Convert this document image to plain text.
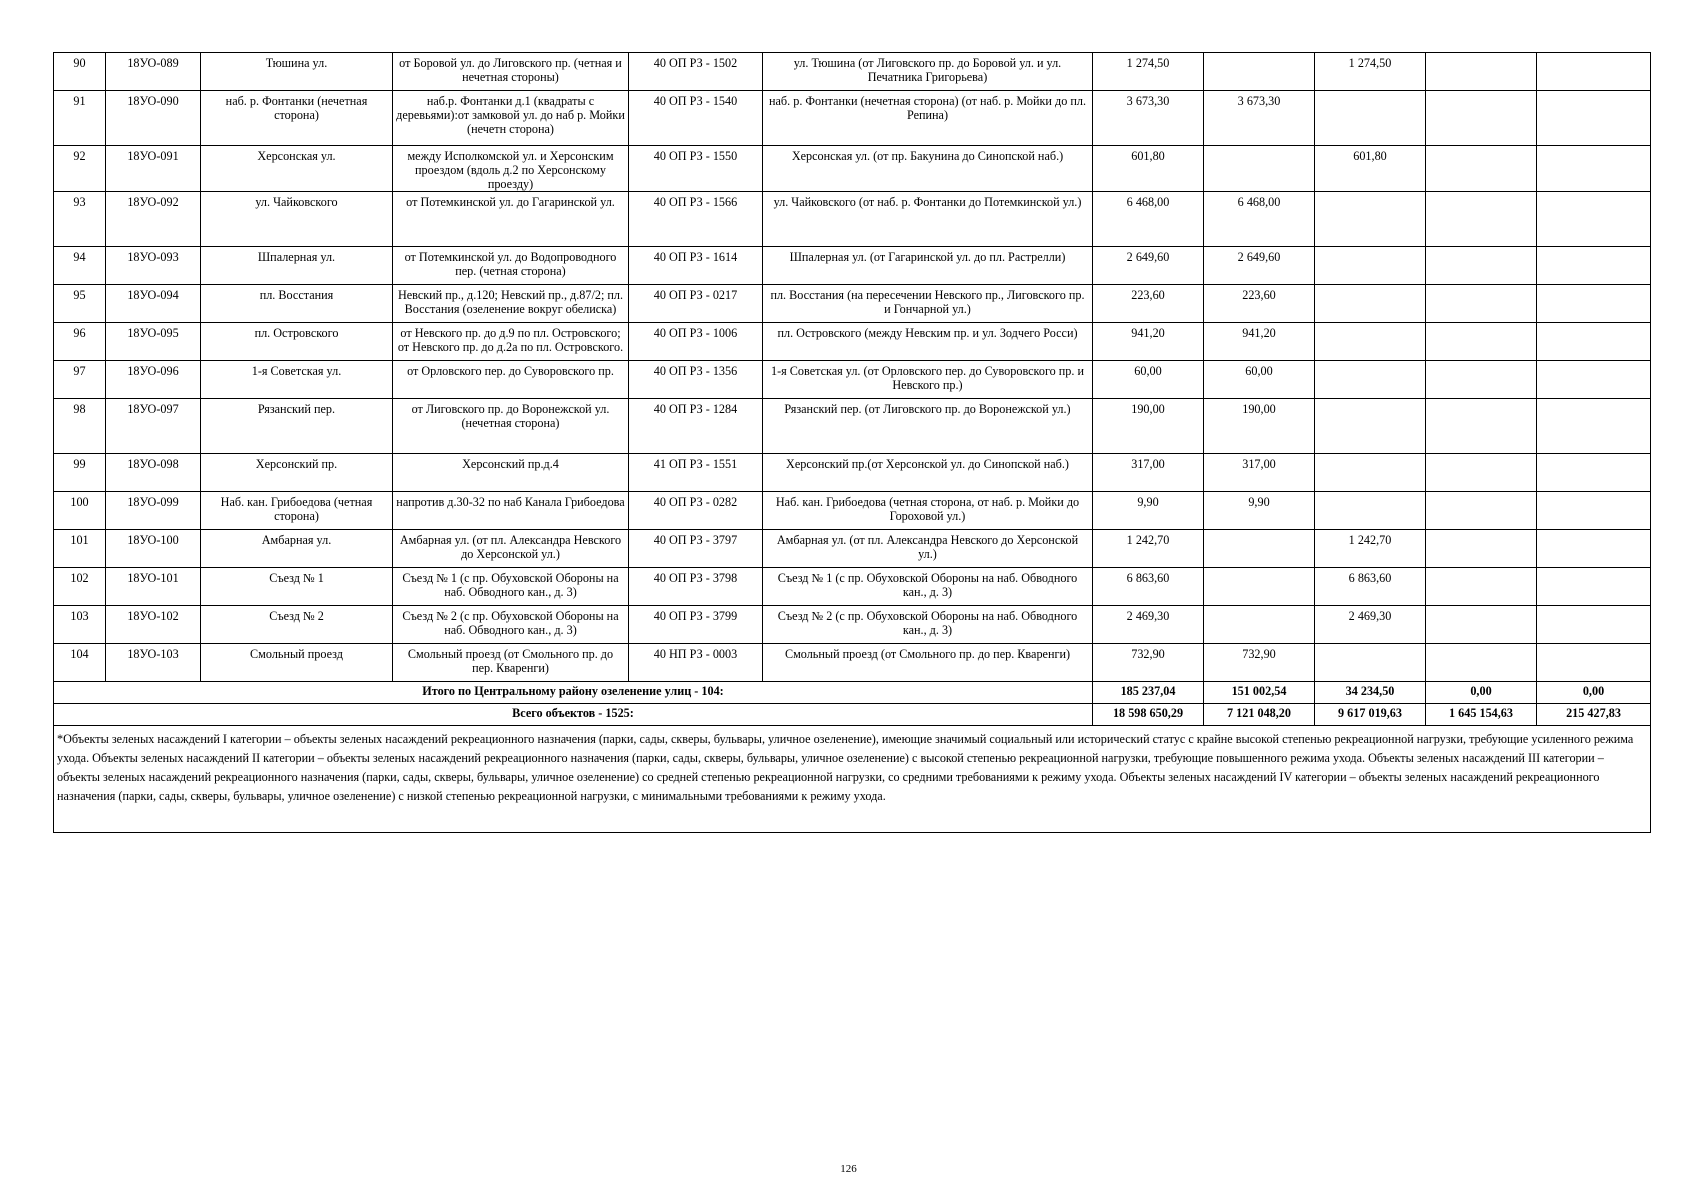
90	18УО-089	Тюшина ул.	от Боровой ул. до Лиговского пр. (четная и нечетная стороны)	40 ОП РЗ - 1502	ул. Тюшина (от Лиговского пр. до Боровой ул. и ул. Печатника Григорьева)	1 274,50		1 274,50		
91	18УО-090	наб. р. Фонтанки (нечетная сторона)	наб.р. Фонтанки д.1 (квадраты с деревьями):от замковой ул. до наб р. Мойки (нечетн сторона)	40 ОП РЗ - 1540	наб. р. Фонтанки (нечетная сторона) (от наб. р. Мойки до пл. Репина)	3 673,30	3 673,30			
92	18УО-091	Херсонская ул.	между Исполкомской ул. и Херсонским проездом (вдоль д.2 по Херсонскому проезду)	40 ОП РЗ - 1550	Херсонская ул. (от пр. Бакунина до Синопской наб.)	601,80		601,80		
93	18УО-092	ул. Чайковского	от Потемкинской ул. до Гагаринской ул.	40 ОП РЗ - 1566	ул. Чайковского (от наб. р. Фонтанки до Потемкинской ул.)	6 468,00	6 468,00			
94	18УО-093	Шпалерная ул.	от Потемкинской ул. до Водопроводного пер. (четная сторона)	40 ОП РЗ - 1614	Шпалерная ул. (от Гагаринской ул. до пл. Растрелли)	2 649,60	2 649,60			
95	18УО-094	пл. Восстания	Невский пр., д.120; Невский пр., д.87/2; пл. Восстания (озеленение вокруг обелиска)	40 ОП РЗ - 0217	пл. Восстания (на пересечении Невского пр., Лиговского пр. и Гончарной ул.)	223,60	223,60			
96	18УО-095	пл. Островского	от Невского пр. до д.9 по пл. Островского; от Невского пр. до д.2а по пл. Островского.	40 ОП РЗ - 1006	пл. Островского (между Невским пр. и ул. Зодчего Росси)	941,20	941,20			
97	18УО-096	1-я Советская ул.	от Орловского пер. до Суворовского пр.	40 ОП РЗ - 1356	1-я Советская ул. (от Орловского пер. до Суворовского пр. и Невского пр.)	60,00	60,00			
98	18УО-097	Рязанский пер.	от Лиговского пр. до Воронежской ул. (нечетная сторона)	40 ОП РЗ - 1284	Рязанский пер. (от Лиговского пр. до Воронежской ул.)	190,00	190,00			
99	18УО-098	Херсонский пр.	Херсонский пр.д.4	41 ОП РЗ - 1551	Херсонский пр.(от Херсонской ул. до Синопской наб.)	317,00	317,00			
100	18УО-099	Наб. кан. Грибоедова (четная сторона)	напротив д.30-32 по наб Канала Грибоедова	40 ОП РЗ - 0282	Наб. кан. Грибоедова (четная сторона, от наб. р. Мойки до Гороховой ул.)	9,90	9,90			
101	18УО-100	Амбарная ул.	Амбарная ул. (от пл. Александра Невского до Херсонской ул.)	40 ОП РЗ - 3797	Амбарная ул. (от пл. Александра Невского до Херсонской ул.)	1 242,70		1 242,70		
102	18УО-101	Съезд № 1	Съезд № 1 (с пр. Обуховской Обороны на наб. Обводного кан., д. 3)	40 ОП РЗ - 3798	Съезд № 1 (с пр. Обуховской Обороны на наб. Обводного кан., д. 3)	6 863,60		6 863,60		
103	18УО-102	Съезд № 2	Съезд № 2 (с пр. Обуховской Обороны на наб. Обводного кан., д. 3)	40 ОП РЗ - 3799	Съезд № 2 (с пр. Обуховской Обороны на наб. Обводного кан., д. 3)	2 469,30		2 469,30		
104	18УО-103	Смольный проезд	Смольный проезд (от Смольного пр. до пер. Кваренги)	40 НП РЗ - 0003	Смольный проезд (от Смольного пр. до пер. Кваренги)	732,90	732,90			
Итого по Центральному району озеленение улиц - 104:						185 237,04	151 002,54	34 234,50	0,00	0,00
Всего объектов - 1525:						18 598 650,29	7 121 048,20	9 617 019,63	1 645 154,63	215 427,83
*Объекты зеленых насаждений I категории – объекты зеленых насаждений рекреационного назначения (парки, сады, скверы, бульвары, уличное озеленение), имеющие значимый социальный или исторический статус с крайне высокой степенью рекреационной нагрузки, требующие усиленного режима ухода. Объекты зеленых насаждений II категории – объекты зеленых насаждений рекреационного назначения (парки, сады, скверы, бульвары, уличное озеленение) с высокой степенью рекреационной нагрузки, требующие повышенного режима ухода. Объекты зеленых насаждений III категории – объекты зеленых насаждений рекреационного назначения (парки, сады, скверы, бульвары, уличное озеленение) со средней степенью рекреационной нагрузки, со средними требованиями к режиму ухода. Объекты зеленых насаждений IV категории – объекты зеленых насаждений рекреационного назначения (парки, сады, скверы, бульвары, уличное озеленение) с низкой степенью рекреационной нагрузки, с минимальными требованиями к режиму ухода.										
126
